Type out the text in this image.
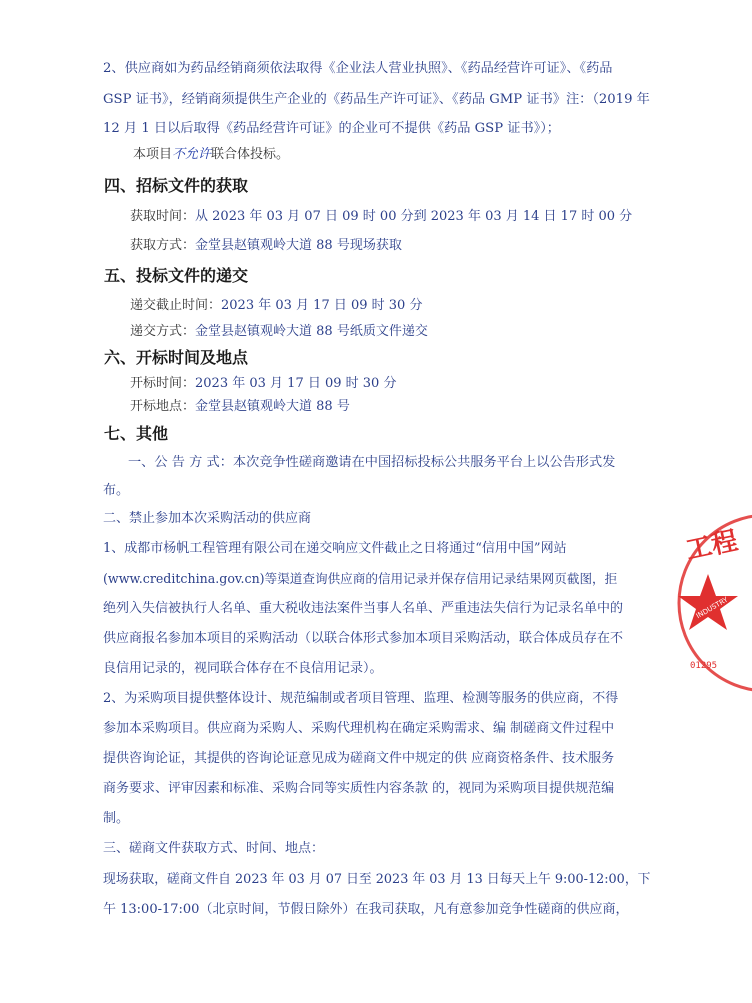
2、供应商如为药品经销商须依法取得《企业法人营业执照》、《药品经营许可证》、《药品
GSP 证书》，经销商须提供生产企业的《药品生产许可证》、《药品 GMP 证书》注：（2019 年
12 月 1 日以后取得《药品经营许可证》的企业可不提供《药品 GSP 证书》）；
本项目不允许联合体投标。
四、招标文件的获取
获取时间：从 2023 年 03 月 07 日 09 时 00 分到 2023 年 03 月 14 日 17 时 00 分
获取方式：金堂县赵镇观岭大道 88 号现场获取
五、投标文件的递交
递交截止时间：2023 年 03 月 17 日 09 时 30 分
递交方式：金堂县赵镇观岭大道 88 号纸质文件递交
六、开标时间及地点
开标时间：2023 年 03 月 17 日 09 时 30 分
开标地点：金堂县赵镇观岭大道 88 号
七、其他
一、公 告 方 式：本次竞争性磋商邀请在中国招标投标公共服务平台上以公告形式发
布。
二、禁止参加本次采购活动的供应商
1、成都市杨帆工程管理有限公司在递交响应文件截止之日将通过“信用中国”网站
(www.creditchina.gov.cn)等渠道查询供应商的信用记录并保存信用记录结果网页截图，拒
绝列入失信被执行人名单、重大税收违法案件当事人名单、严重违法失信行为记录名单中的
供应商报名参加本项目的采购活动（以联合体形式参加本项目采购活动，联合体成员存在不
良信用记录的，视同联合体存在不良信用记录）。
2、为采购项目提供整体设计、规范编制或者项目管理、监理、检测等服务的供应商，不得
参加本采购项目。供应商为采购人、采购代理机构在确定采购需求、编 制磋商文件过程中
提供咨询论证，其提供的咨询论证意见成为磋商文件中规定的供 应商资格条件、技术服务
商务要求、评审因素和标准、采购合同等实质性内容条款 的，视同为采购项目提供规范编
制。
三、磋商文件获取方式、时间、地点：
现场获取，磋商文件自 2023 年 03 月 07 日至 2023 年 03 月 13 日每天上午 9:00-12:00，下
午 13:00-17:00（北京时间，节假日除外）在我司获取，凡有意参加竞争性磋商的供应商，
工程
INDUSTRY
01295
